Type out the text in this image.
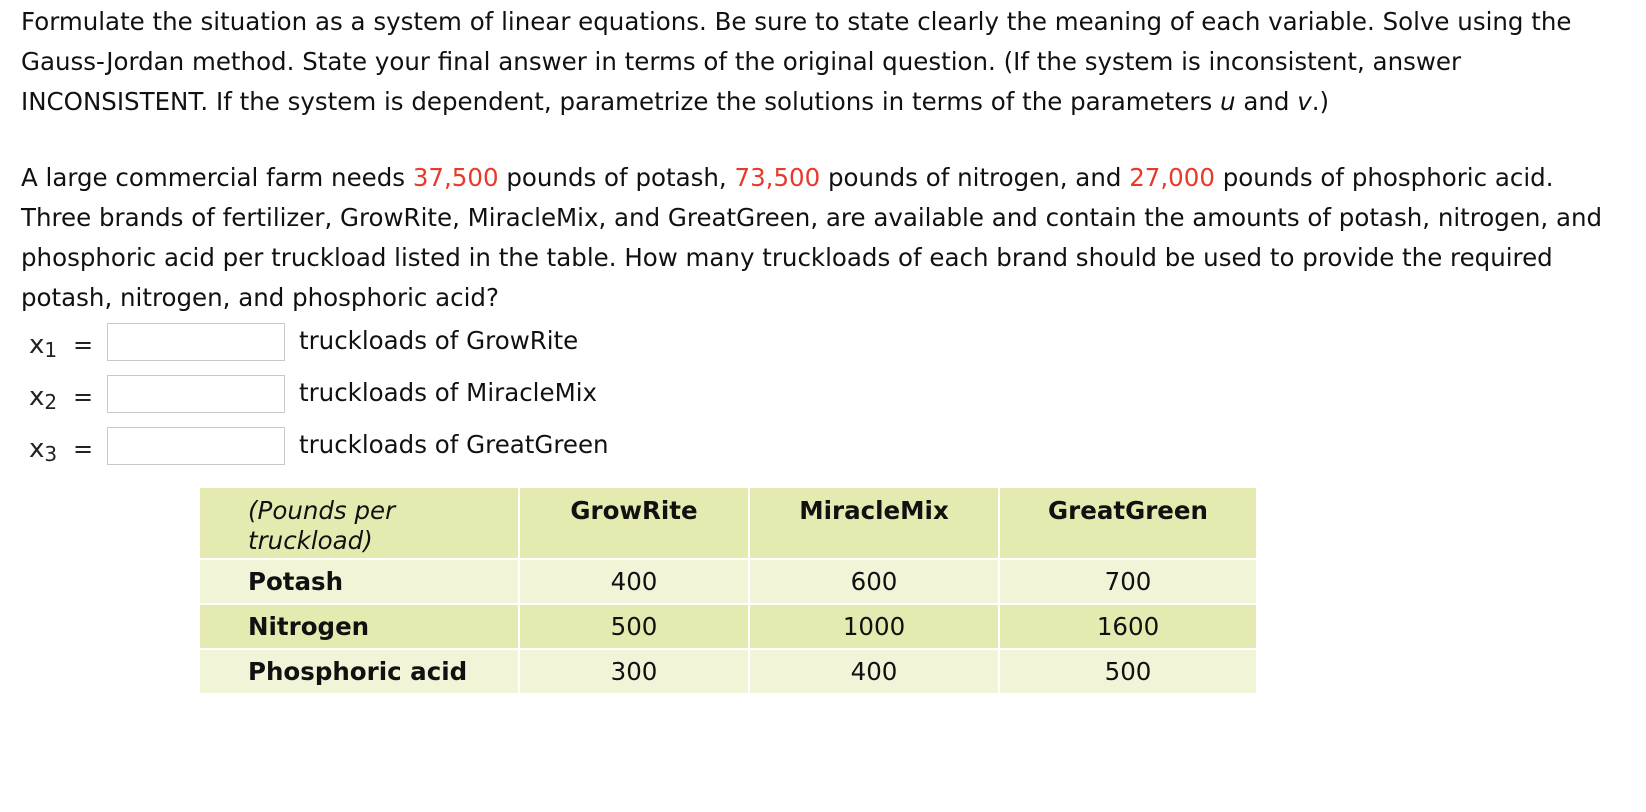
Formulate the situation as a system of linear equations. Be sure to state clearly the meaning of each variable. Solve using the Gauss-Jordan method. State your final answer in terms of the original question. (If the system is inconsistent, answer INCONSISTENT. If the system is dependent, parametrize the solutions in terms of the parameters u and v.)

A large commercial farm needs 37,500 pounds of potash, 73,500 pounds of nitrogen, and 27,000 pounds of phosphoric acid. Three brands of fertilizer, GrowRite, MiracleMix, and GreatGreen, are available and contain the amounts of potash, nitrogen, and phosphoric acid per truckload listed in the table. How many truckloads of each brand should be used to provide the required potash, nitrogen, and phosphoric acid?

$x_1$ =	truckloads of GrowRite
$x_2$ =	truckloads of MiracleMix
$x_3$ =	truckloads of GreatGreen
(Pounds per truckload)	GrowRite	MiracleMix	GreatGreen
Potash	400	600	700
Nitrogen	500	1000	1600
Phosphoric acid	300	400	500
